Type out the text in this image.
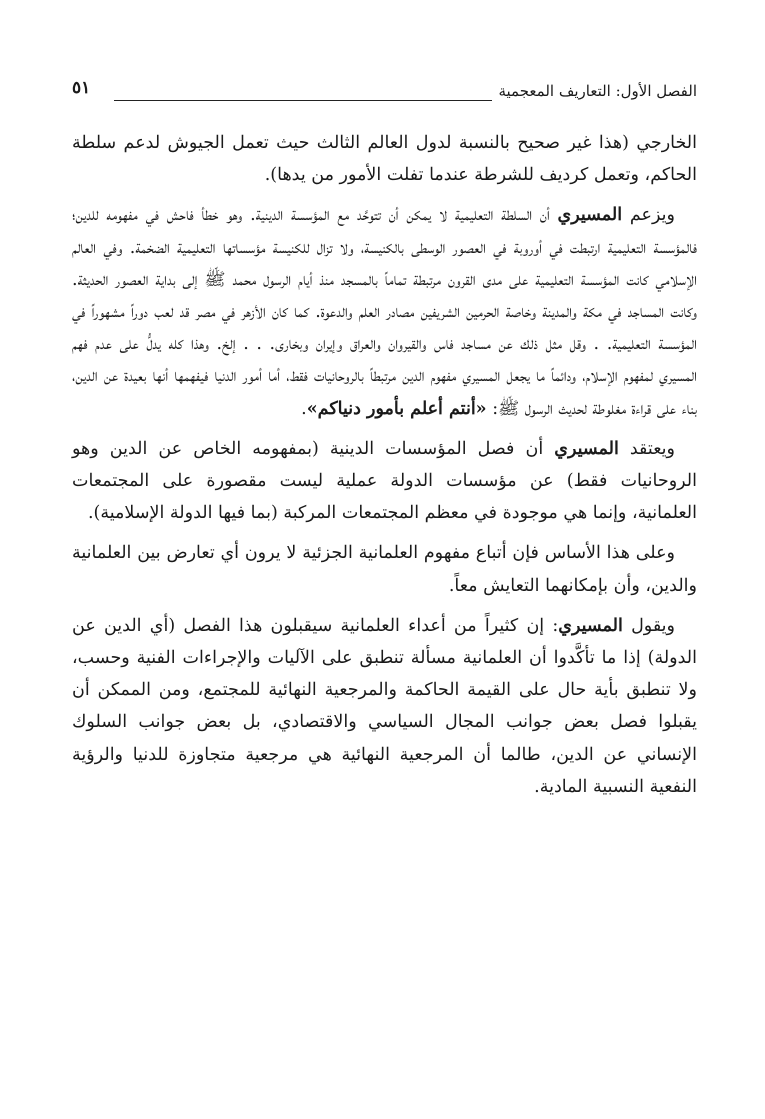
الفصل الأول: التعاريف المعجمية
٥١

الخارجي (هذا غير صحيح بالنسبة لدول العالم الثالث حيث تعمل الجيوش لدعم سلطة الحاكم، وتعمل كرديف للشرطة عندما تفلت الأمور من يدها).

ويزعم المسيري أن السلطة التعليمية لا يمكن أن تتوحَّد مع المؤسسة الدينية. وهو خطأ فاحش في مفهومه للدين؛ فالمؤسسة التعليمية ارتبطت في أوروبة في العصور الوسطى بالكنيسة، ولا تزال للكنيسة مؤسساتها التعليمية الضخمة. وفي العالم الإسلامي كانت المؤسسة التعليمية على مدى القرون مرتبطة تماماً بالمسجد منذ أيام الرسول محمد ﷺ إلى بداية العصور الحديثة. وكانت المساجد في مكة والمدينة وخاصة الحرمين الشريفين مصادر العلم والدعوة. كما كان الأزهر في مصر قد لعب دوراً مشهوراً في المؤسسة التعليمية. . وقل مثل ذلك عن مساجد فاس والقيروان والعراق وإيران وبخارى. . . إلخ. وهذا كله يدلُّ على عدم فهم المسيري لمفهوم الإسلام، ودائماً ما يجعل المسيري مفهوم الدين مرتبطاً بالروحانيات فقط، أما أمور الدنيا فيفهمها أنها بعيدة عن الدين، بناء على قراءة مغلوطة لحديث الرسول ﷺ: «أنتم أعلم بأمور دنياكم».

ويعتقد المسيري أن فصل المؤسسات الدينية (بمفهومه الخاص عن الدين وهو الروحانيات فقط) عن مؤسسات الدولة عملية ليست مقصورة على المجتمعات العلمانية، وإنما هي موجودة في معظم المجتمعات المركبة (بما فيها الدولة الإسلامية).

وعلى هذا الأساس فإن أتباع مفهوم العلمانية الجزئية لا يرون أي تعارض بين العلمانية والدين، وأن بإمكانهما التعايش معاً.

ويقول المسيري: إن كثيراً من أعداء العلمانية سيقبلون هذا الفصل (أي الدين عن الدولة) إذا ما تأكَّدوا أن العلمانية مسألة تنطبق على الآليات والإجراءات الفنية وحسب، ولا تنطبق بأية حال على القيمة الحاكمة والمرجعية النهائية للمجتمع، ومن الممكن أن يقبلوا فصل بعض جوانب المجال السياسي والاقتصادي، بل بعض جوانب السلوك الإنساني عن الدين، طالما أن المرجعية النهائية هي مرجعية متجاوزة للدنيا والرؤية النفعية النسبية المادية.
